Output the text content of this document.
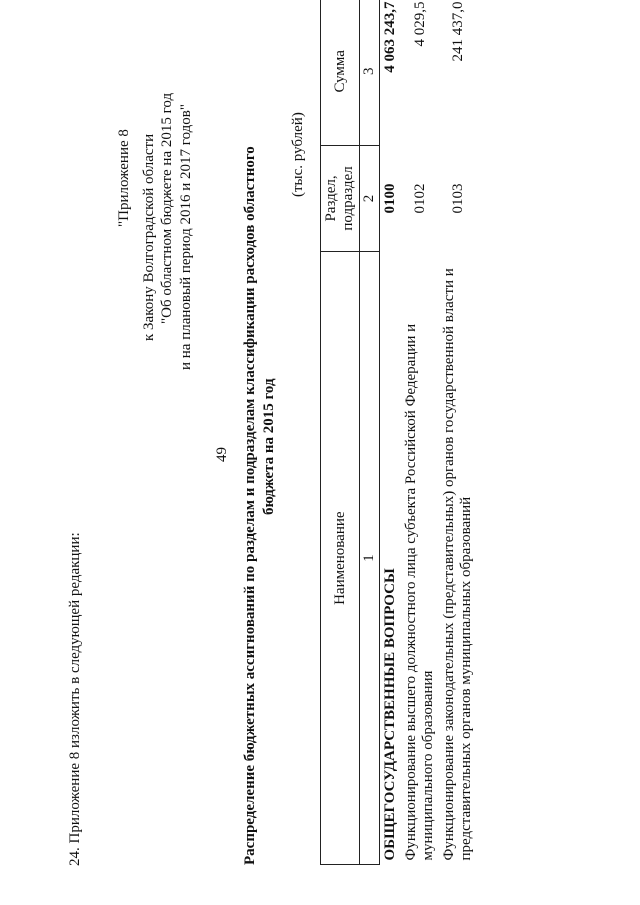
49
24. Приложение 8 изложить в следующей редакции:
"Приложение 8 к Закону Волгоградской области "Об областном бюджете на 2015 год и на плановый период 2016 и 2017 годов"	Распределение бюджетных ассигнований по разделам и подразделам классификации расходов областного бюджета на 2015 год
(тыс. рублей)
Наименование	Раздел, подраздел	Сумма
1	2	3
ОБЩЕГОСУДАРСТВЕННЫЕ ВОПРОСЫ	0100	4 063 243,7
Функционирование высшего должностного лица субъекта Российской Федерации и муниципального образования	0102	4 029,5
Функционирование законодательных (представительных) органов государственной власти и представительных органов муниципальных образований	0103	241 437,0
